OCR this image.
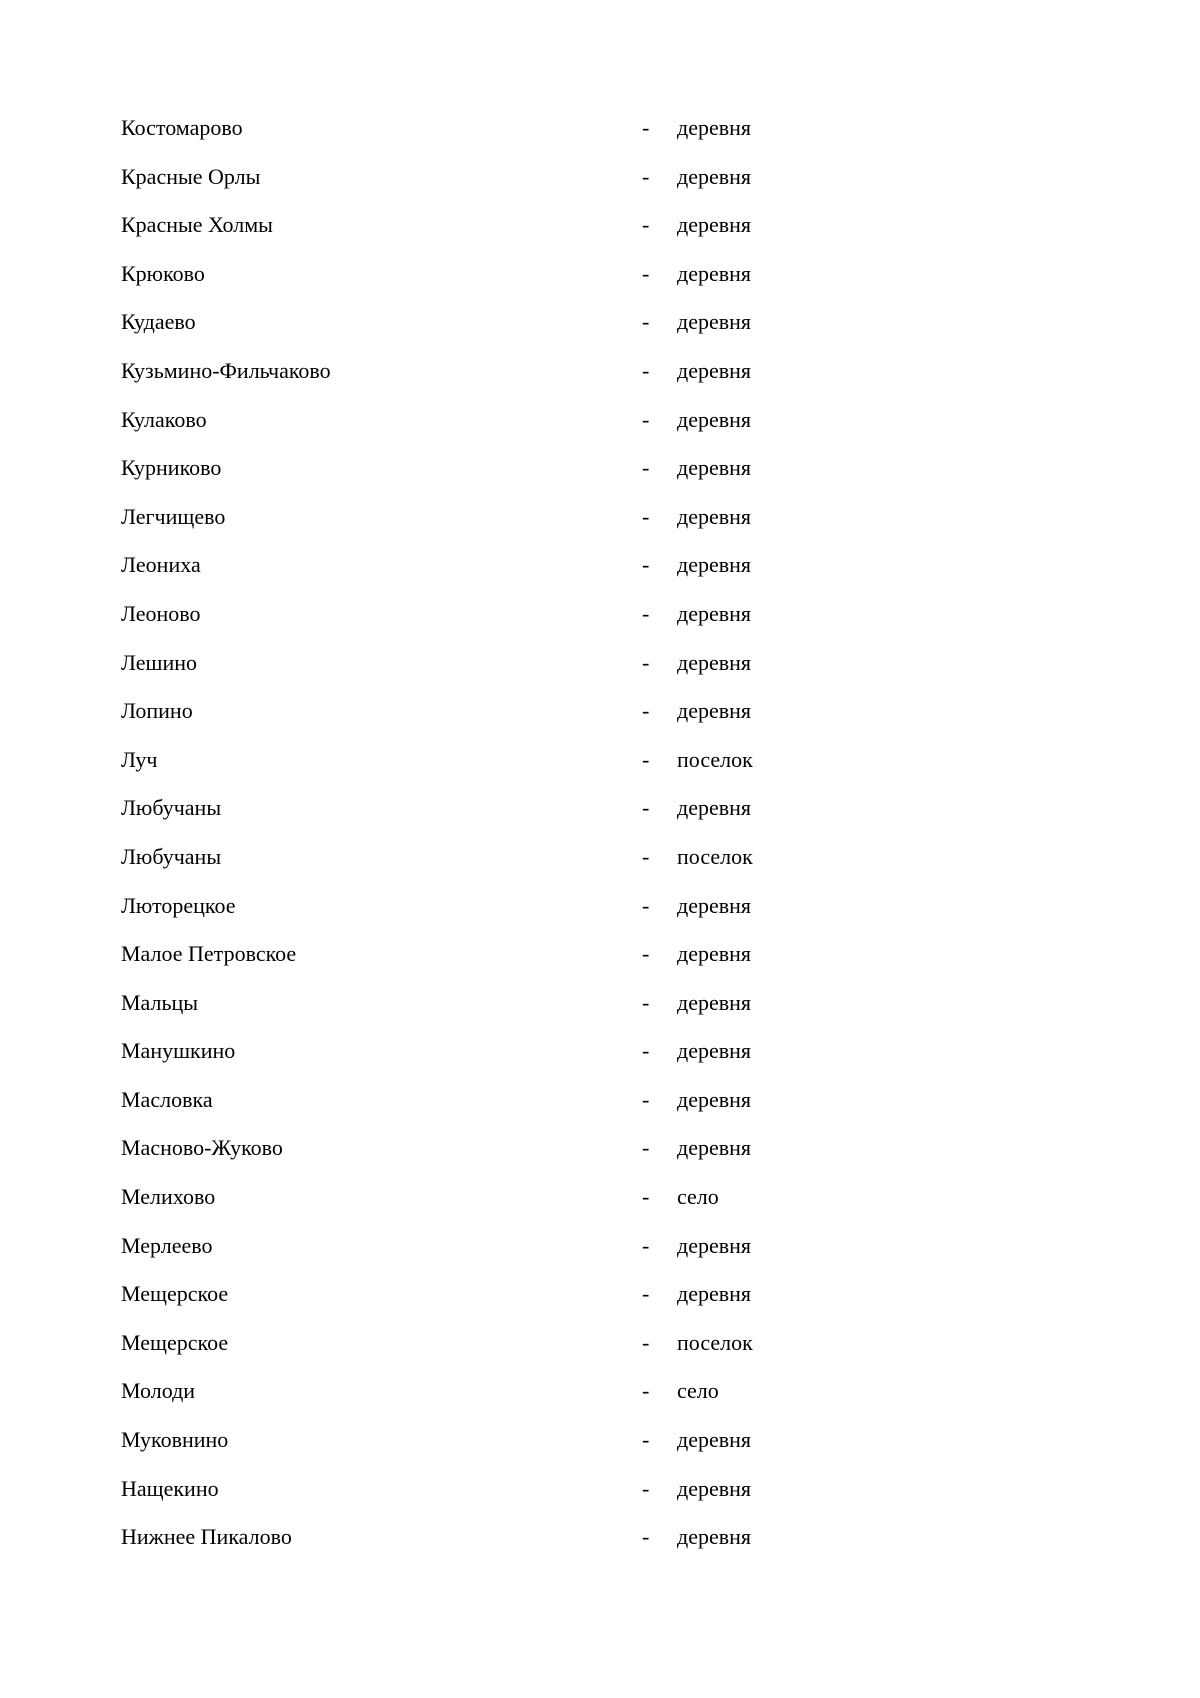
Костомарово	- деревня
Красные Орлы	- деревня
Красные Холмы	- деревня
Крюково	- деревня
Кудаево	- деревня
Кузьмино-Фильчаково	- деревня
Кулаково	- деревня
Курниково	- деревня
Легчищево	- деревня
Лeониха	- деревня
Леоново	- деревня
Лешино	- деревня
Лопино	- деревня
Луч	- поселок
Любучаны	- деревня
Любучаны	- поселок
Люторецкое	- деревня
Малое Петровское	- деревня
Мальцы	- деревня
Манушкино	- деревня
Масловка	- деревня
Масново-Жуково	- деревня
Мелихово	- село
Мерлеево	- деревня
Мещерское	- деревня
Мещерское	- поселок
Молоди	- село
Муковнино	- деревня
Нащекино	- деревня
Нижнее Пикалово	- деревня
